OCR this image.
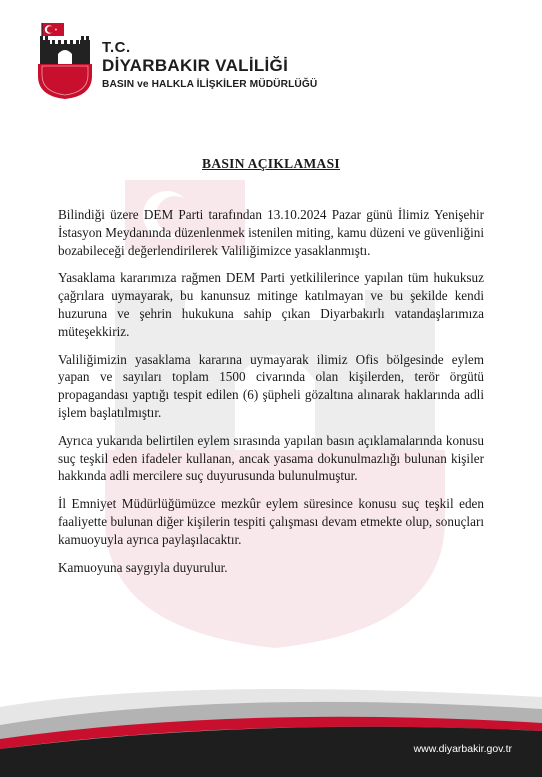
T.C.
DİYARBAKIR VALİLİĞİ
BASIN ve HALKLA İLİŞKİLER MÜDÜRLÜĞÜ
BASIN AÇIKLAMASI

Bilindiği üzere DEM Parti tarafından 13.10.2024 Pazar günü İlimiz Yenişehir İstasyon Meydanında düzenlenmek istenilen miting, kamu düzeni ve güvenliğini bozabileceği değerlendirilerek Valiliğimizce yasaklanmıştı.

Yasaklama kararımıza rağmen DEM Parti yetkililerince yapılan tüm hukuksuz çağrılara uymayarak, bu kanunsuz mitinge katılmayan ve bu şekilde kendi huzuruna ve şehrin hukukuna sahip çıkan Diyarbakırlı vatandaşlarımıza müteşekkiriz.

Valiliğimizin yasaklama kararına uymayarak ilimiz Ofis bölgesinde eylem yapan ve sayıları toplam 1500 civarında olan kişilerden, terör örgütü propagandası yaptığı tespit edilen (6) şüpheli gözaltına alınarak haklarında adli işlem başlatılmıştır.

Ayrıca yukarıda belirtilen eylem sırasında yapılan basın açıklamalarında konusu suç teşkil eden ifadeler kullanan, ancak yasama dokunulmazlığı bulunan kişiler hakkında adli mercilere suç duyurusunda bulunulmuştur.

İl Emniyet Müdürlüğümüzce mezkûr eylem süresince konusu suç teşkil eden faaliyette bulunan diğer kişilerin tespiti çalışması devam etmekte olup, sonuçları kamuoyuyla ayrıca paylaşılacaktır.

Kamuoyuna saygıyla duyurulur.

www.diyarbakir.gov.tr
